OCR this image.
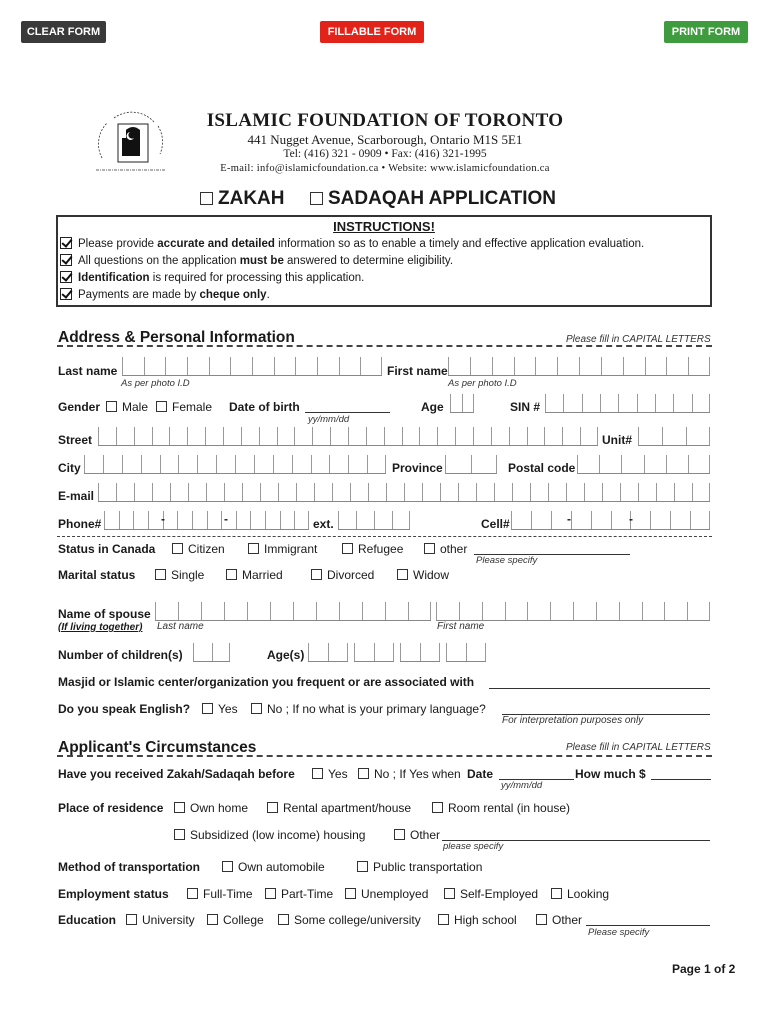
CLEAR FORM	FILLABLE FORM	PRINT FORM
ISLAMIC FOUNDATION OF TORONTO
441 Nugget Avenue, Scarborough, Ontario M1S 5E1
Tel: (416) 321 - 0909 • Fax: (416) 321-1995
E-mail: info@islamicfoundation.ca • Website: www.islamicfoundation.ca
ZAKAH	SADAQAH APPLICATION
INSTRUCTIONS!
Please provide accurate and detailed information so as to enable a timely and effective application evaluation.
All questions on the application must be answered to determine eligibility.
Identification is required for processing this application.
Payments are made by cheque only.
Address & Personal Information	Please fill in CAPITAL LETTERS
Last name
As per photo I.D
First name
As per photo I.D
Gender	Male	Female Date of birth
yy/mm/dd
Age	SIN #
Street	Unit#
City	Province	Postal code
E-mail
Phone#	-	-	ext.	Cell#	-	-
Status in Canada	Citizen	Immigrant	Refugee	other
Please specify
Marital status	Single	Married	Divorced	Widow
Name of spouse
(If living together) Last name	First name
Number of children(s)	Age(s)
Masjid or Islamic center/organization you frequent or are associated with
Do you speak English?	Yes	No ; If no what is your primary language?
For interpretation purposes only
Applicant's Circumstances	Please fill in CAPITAL LETTERS
Have you received Zakah/Sadaqah before	Yes	No ; If Yes when Date
yy/mm/dd
How much $
Place of residence	Own home	Rental apartment/house	Room rental (in house)
Subsidized (low income) housing	Other
please specify
Method of transportation	Own automobile	Public transportation
Employment status	Full-Time	Part-Time	Unemployed	Self-Employed	Looking
Education	University	College	Some college/university	High school	Other
Please specify
Page 1 of 2
